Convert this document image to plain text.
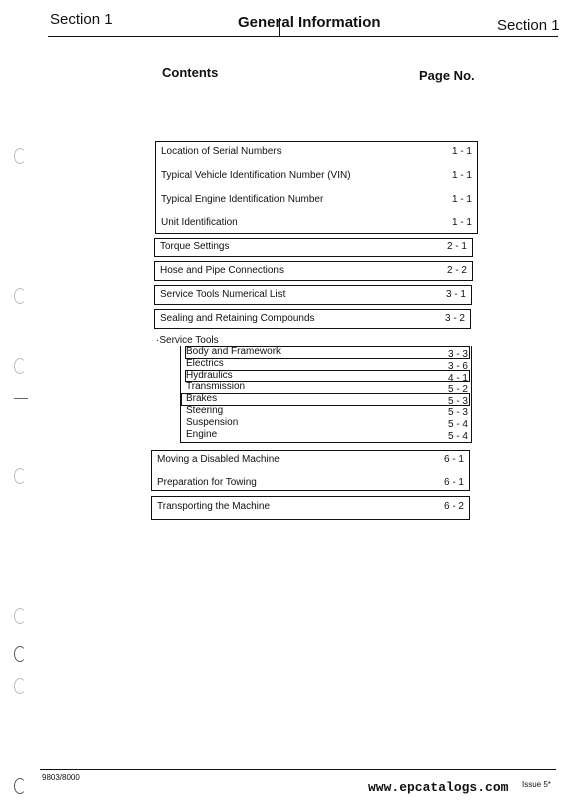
Section 1	General Information	Section 1
Contents	Page No.
Location of Serial Numbers	1 - 1
Typical Vehicle Identification Number (VIN)	1 - 1
Typical Engine Identification Number	1 - 1
Unit Identification	1 - 1
Torque Settings	2 - 1
Hose and Pipe Connections	2 - 2
Service Tools Numerical List	3 - 1
Sealing and Retaining Compounds	3 - 2
·Service Tools
Body and Framework	3 - 3
Electrics	3 - 6
Hydraulics	4 - 1
Transmission	5 - 2
Brakes	5 - 3
Steering	5 - 3
Suspension	5 - 4
Engine	5 - 4
Moving a Disabled Machine	6 - 1
Preparation for Towing	6 - 1
Transporting the Machine	6 - 2
9803/8000
www.epcatalogs.com Issue 5*
